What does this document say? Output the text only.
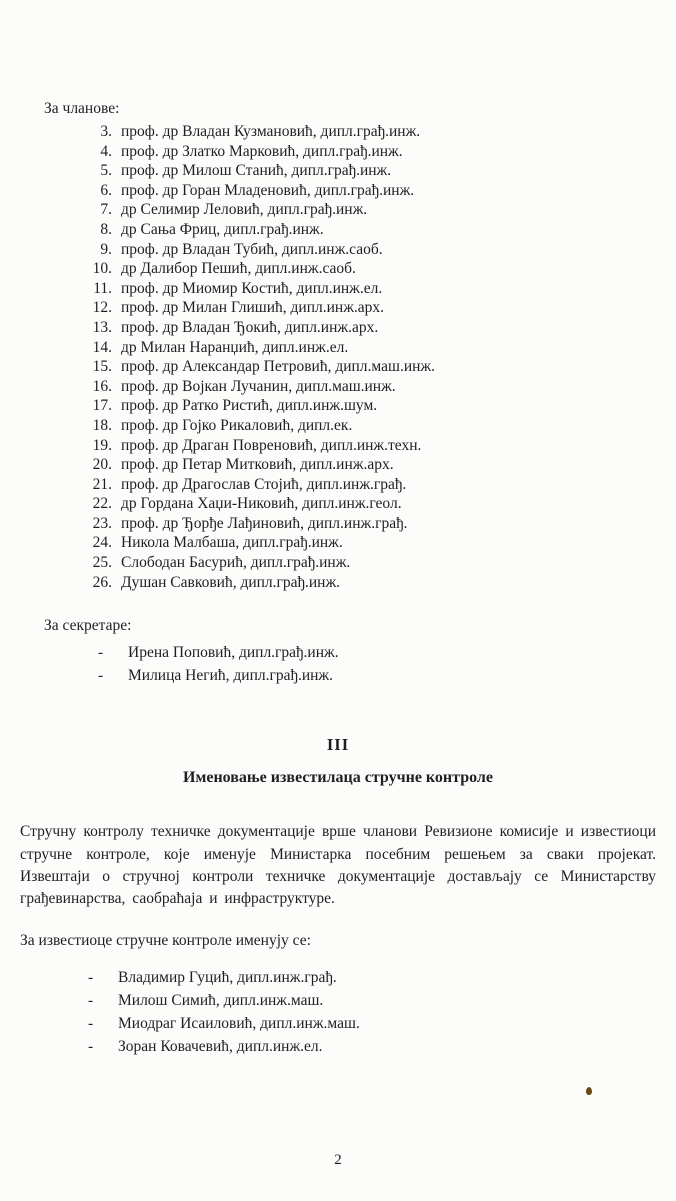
За чланове:
3. проф. др Владан Кузмановић, дипл.грађ.инж.
4. проф. др Златко Марковић, дипл.грађ.инж.
5. проф. др Милош Станић, дипл.грађ.инж.
6. проф. др Горан Младеновић, дипл.грађ.инж.
7. др Селимир Леловић, дипл.грађ.инж.
8. др Сања Фриц, дипл.грађ.инж.
9. проф. др Владан Тубић, дипл.инж.саоб.
10. др Далибор Пешић, дипл.инж.саоб.
11. проф. др Миомир Костић, дипл.инж.ел.
12. проф. др Милан Глишић, дипл.инж.арх.
13. проф. др Владан Ђокић, дипл.инж.арх.
14. др Милан Наранџић, дипл.инж.ел.
15. проф. др Александар Петровић, дипл.маш.инж.
16. проф. др Војкан Лучанин, дипл.маш.инж.
17. проф. др Ратко Ристић, дипл.инж.шум.
18. проф. др Гојко Рикаловић, дипл.ек.
19. проф. др Драган Повреновић, дипл.инж.техн.
20. проф. др Петар Митковић, дипл.инж.арх.
21. проф. др Драгослав Стојић, дипл.инж.грађ.
22. др Гордана Хаџи-Никовић, дипл.инж.геол.
23. проф. др Ђорђе Лађиновић, дипл.инж.грађ.
24. Никола Малбаша, дипл.грађ.инж.
25. Слободан Басурић, дипл.грађ.инж.
26. Душан Савковић, дипл.грађ.инж.
За секретаре:
- Ирена Поповић, дипл.грађ.инж.
- Милица Негић, дипл.грађ.инж.
III
Именовање известилаца стручне контроле

Стручну контролу техничке документације врше чланови Ревизионе комисије и известиоци стручне контроле, које именује Министарка посебним решењем за сваки пројекат. Извештаји о стручној контроли техничке документације достављају се Министарству грађевинарства, саобраћаја и инфраструктуре.

За известиоце стручне контроле именују се:
- Владимир Гуцић, дипл.инж.грађ.
- Милош Симић, дипл.инж.маш.
- Миодраг Исаиловић, дипл.инж.маш.
- Зоран Ковачевић, дипл.инж.ел.
2
